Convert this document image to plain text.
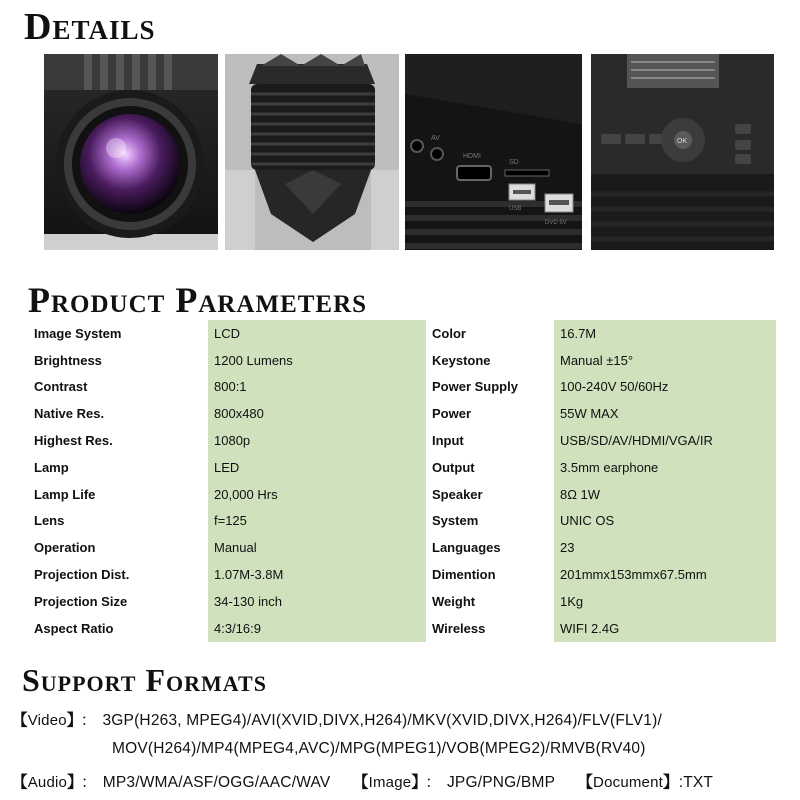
Details
AV
HDMI
SD
USB
DVD 5V
OK
Product Parameters
Image System
Brightness
Contrast
Native Res.
Highest Res.
Lamp
Lamp Life
Lens
Operation
Projection Dist.
Projection Size
Aspect Ratio
LCD
1200 Lumens
800:1
800x480
1080p
LED
20,000 Hrs
f=125
Manual
1.07M-3.8M
34-130 inch
4:3/16:9
Color
Keystone
Power Supply
Power
Input
Output
Speaker
System
Languages
Dimention
Weight
Wireless
16.7M
Manual ±15°
100-240V 50/60Hz
55W MAX
USB/SD/AV/HDMI/VGA/IR
3.5mm earphone
8Ω 1W
UNIC OS
23
201mmx153mmx67.5mm
1Kg
WIFI 2.4G
Support Formats
【Video】 ： 3GP(H263, MPEG4)/AVI(XVID,DIVX,H264)/MKV(XVID,DIVX,H264)/FLV(FLV1)/
MOV(H264)/MP4(MPEG4,AVC)/MPG(MPEG1)/VOB(MPEG2)/RMVB(RV40)
【Audio】 ： MP3/WMA/ASF/OGG/AAC/WAV 【Image】 ： JPG/PNG/BMP 【Document】:TXT
